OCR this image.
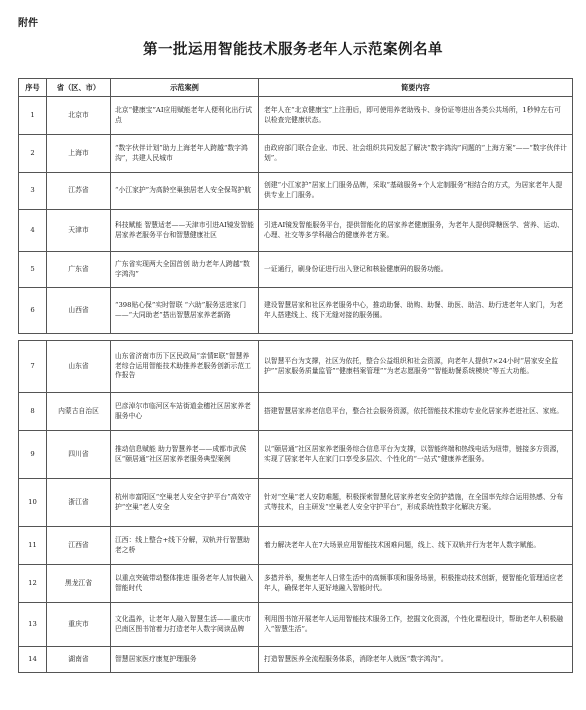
附件
第一批运用智能技术服务老年人示范案例名单
序号	省（区、市）	示范案例	简要内容
1	北京市	北京“健康宝”AI应用赋能老年人便利化出行试点	老年人在“北京健康宝”上注册后，即可使用养老助残卡、身份证等进出各类公共场所，1秒钟左右可以检查完健康状态。
2	上海市	“数字伙伴计划”助力上海老年人跨越“数字鸿沟”，共建人民城市	由政府部门联合企业、市民、社会组织共同发起了解决“数字鸿沟”问题的“上海方案”——“数字伙伴计划”。
3	江苏省	“小江家护”为高龄空巢独居老人安全保驾护航	创建“小江家护”居家上门服务品牌，采取“基础服务+个人定制服务”相结合的方式，为居家老年人提供专业上门服务。
4	天津市	科技赋能 智慧适老——天津市引进AI镜发智能居家养老服务平台和智慧健康社区	引进AI镜发智能服务平台，提供智能化的居家养老健康服务，为老年人提供降糖医学、营养、运动、心理、社交等多学科融合的健康养老方案。
5	广东省	广东省实现两大全国首创 助力老年人跨越“数字鸿沟”	一证通行，刷身份证进行出入登记和核验健康码的服务功能。
6	山西省	“398贴心保”实时智联 “六助”服务送进家门——“大同助老”搭出智慧居家养老新路	建设智慧居家和社区养老服务中心，推动助餐、助购、助餐、助医、助洁、助行进老年人家门，为老年人搭建线上、线下无缝对接的服务圈。
7	山东省	山东省济南市历下区民政局“亲情E联”智慧养老综合运用智能技术助推养老服务创新示范工作报告	以智慧平台为支撑，社区为依托，整合公益组织和社会资源，向老年人提供7×24小时“居家安全监护”“居家服务质量监管”“健康档案管理”“为老志愿服务”“智能助餐系统模块”等五大功能。
8	内蒙古自治区	巴彦淖尔市临河区车站街道金穗社区居家养老服务中心	搭建智慧居家养老信息平台，整合社会服务资源，依托智能技术推动专业化居家养老进社区、家庭。
9	四川省	推动信息赋能 助力智慧养老——成都市武侯区“颐居通”社区居家养老服务典型案例	以“颐居通”社区居家养老服务综合信息平台为支撑，以智能终端和热线电话为纽带，链接多方资源，实现了居家老年人在家门口享受多层次、个性化的“一站式”健康养老服务。
10	浙江省	杭州市富阳区“空巢老人安全守护平台”高效守护“空巢”老人安全	针对“空巢”老人安防难题，积极探索智慧化居家养老安全防护措施，在全国率先综合运用热感、分布式等技术，自主研发“空巢老人安全守护平台”，形成系统性数字化解决方案。
11	江西省	江西：线上整合+线下分解，双轨并行智慧助老之桥	着力解决老年人在7大场景应用智能技术困难问题，线上、线下双轨并行为老年人数字赋能。
12	黑龙江省	以重点突破带动整体推进 服务老年人加快融入智能时代	多措并举，聚焦老年人日常生活中的高频事项和服务场景，积极推动技术创新，便智能化管理适应老年人，确保老年人更好地融入智能时代。
13	重庆市	文化温养，让老年人融入智慧生活——重庆市巴南区图书馆着力打造老年人数字阅读品牌	利用图书馆开展老年人运用智能技术服务工作，挖掘文化资源，个性化课程设计，帮助老年人积极融入“智慧生活”。
14	湖南省	智慧居家医疗康复护理服务	打造智慧医养全流程服务体系，消除老年人就医“数字鸿沟”。
